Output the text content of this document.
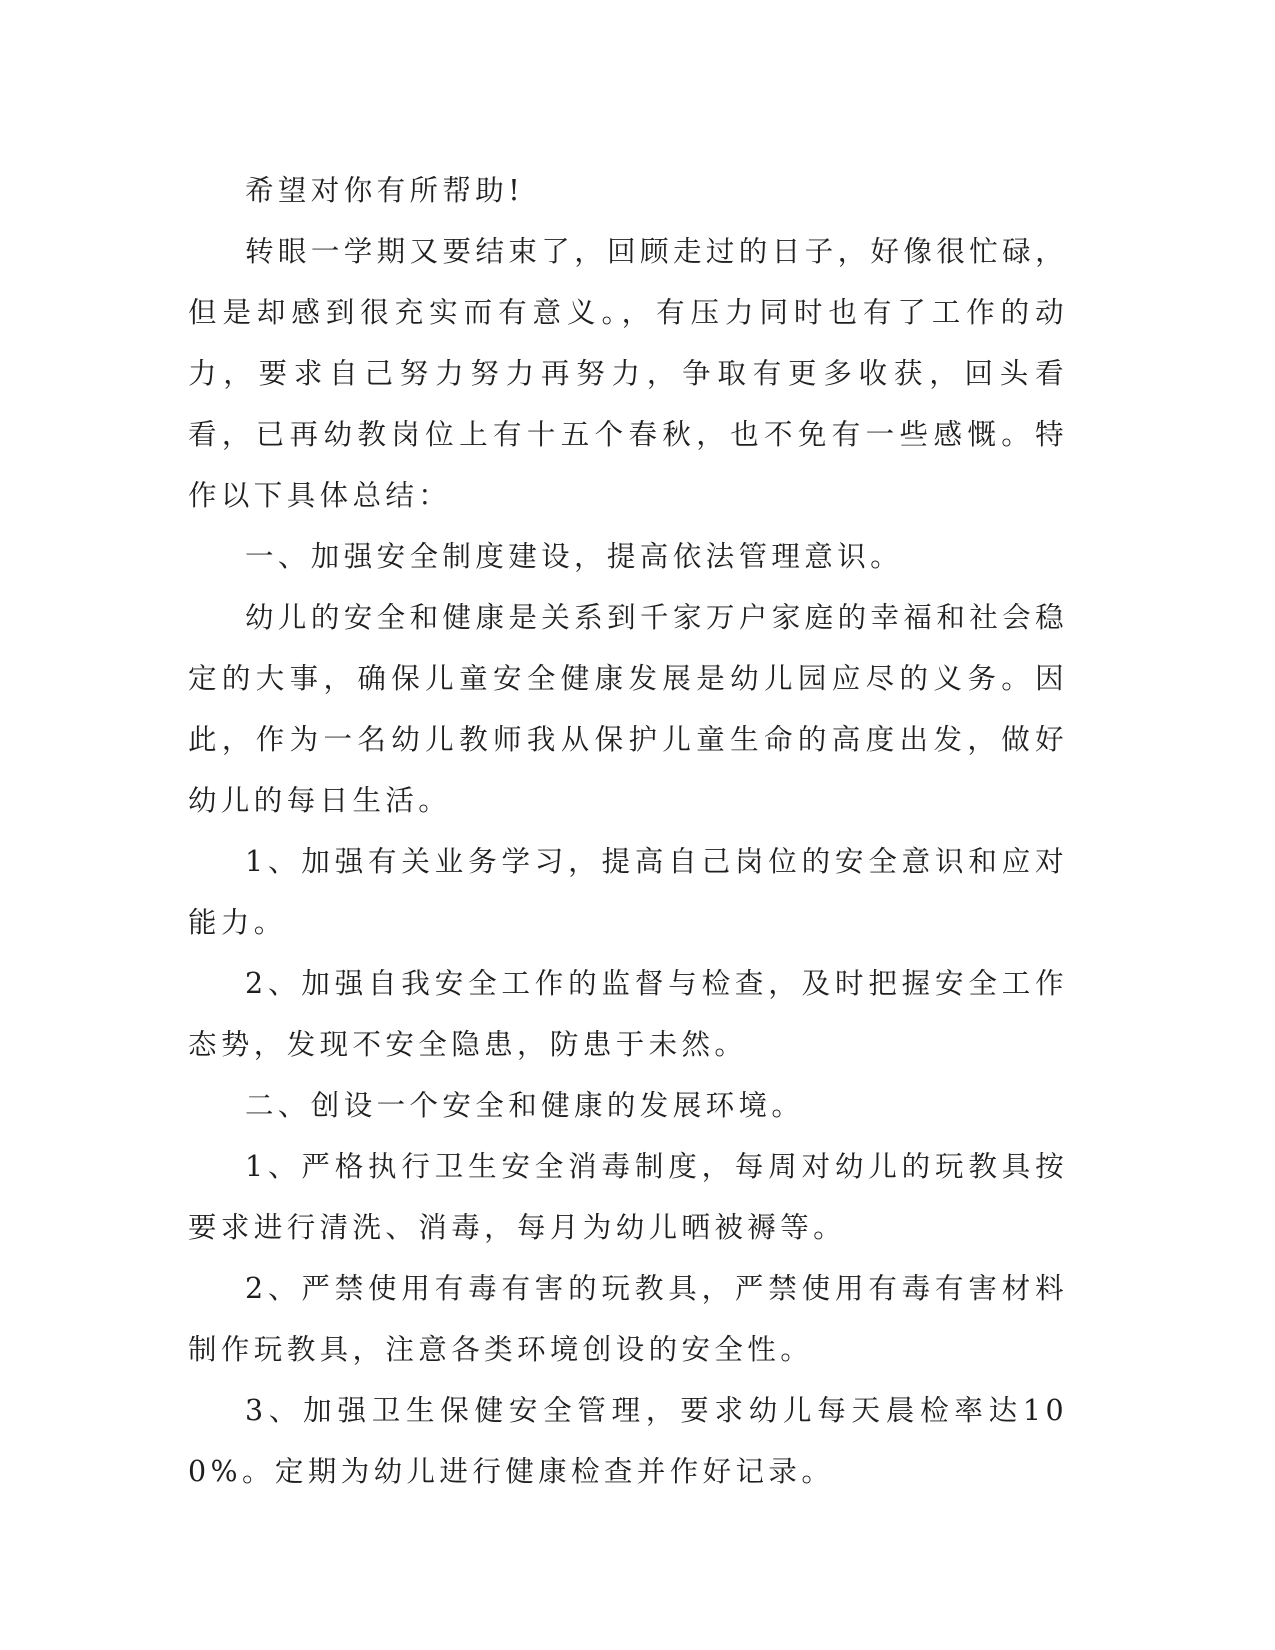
希望对你有所帮助!

转眼一学期又要结束了，回顾走过的日子，好像很忙碌，但是却感到很充实而有意义。，有压力同时也有了工作的动力，要求自己努力努力再努力，争取有更多收获，回头看看，已再幼教岗位上有十五个春秋，也不免有一些感慨。特作以下具体总结：

一、加强安全制度建设，提高依法管理意识。

幼儿的安全和健康是关系到千家万户家庭的幸福和社会稳定的大事，确保儿童安全健康发展是幼儿园应尽的义务。因此，作为一名幼儿教师我从保护儿童生命的高度出发，做好幼儿的每日生活。

1、加强有关业务学习，提高自己岗位的安全意识和应对能力。

2、加强自我安全工作的监督与检查，及时把握安全工作态势，发现不安全隐患，防患于未然。

二、创设一个安全和健康的发展环境。

1、严格执行卫生安全消毒制度，每周对幼儿的玩教具按要求进行清洗、消毒，每月为幼儿晒被褥等。

2、严禁使用有毒有害的玩教具，严禁使用有毒有害材料制作玩教具，注意各类环境创设的安全性。

3、加强卫生保健安全管理，要求幼儿每天晨检率达100%。定期为幼儿进行健康检查并作好记录。
